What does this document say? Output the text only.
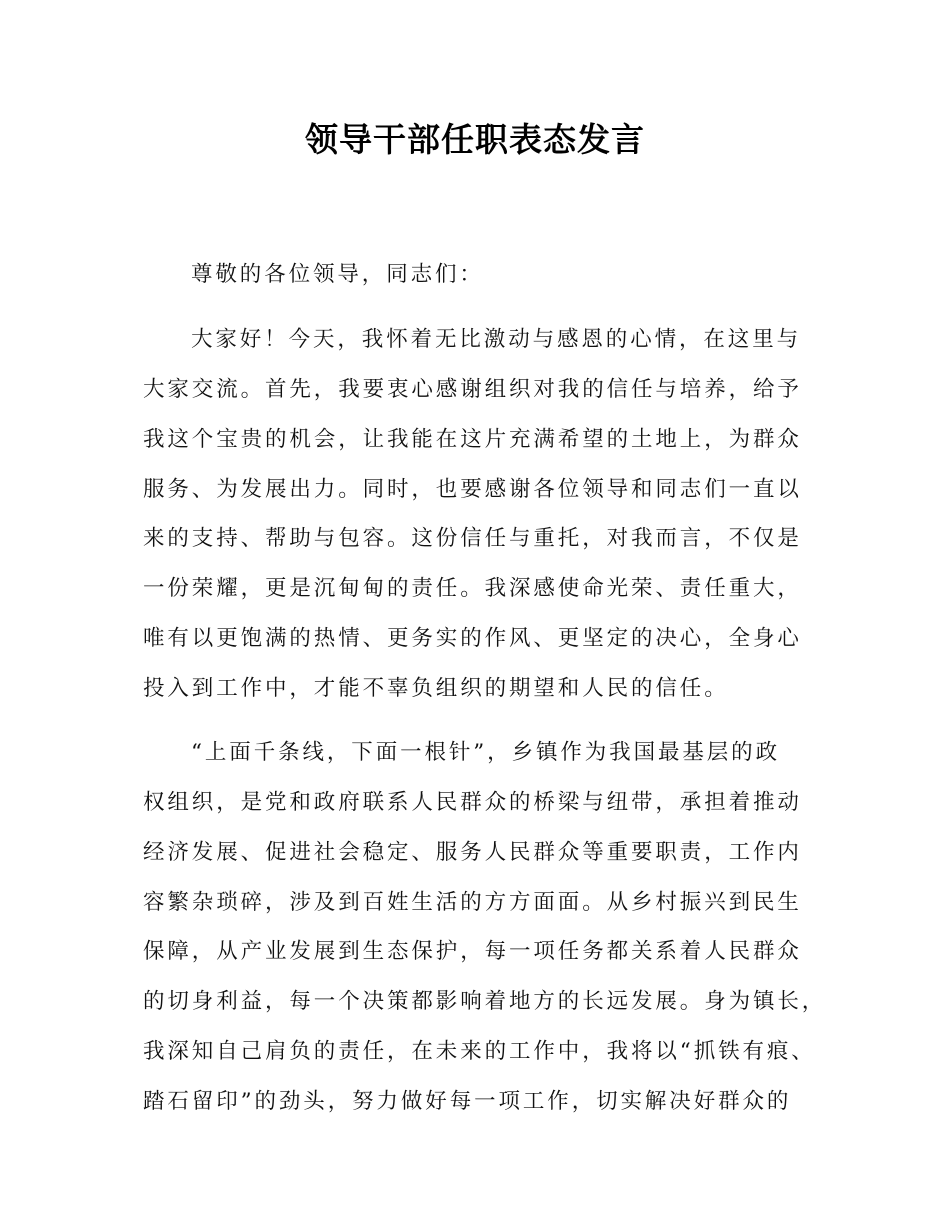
领导干部任职表态发言
尊敬的各位领导，同志们：
大家好！今天，我怀着无比激动与感恩的心情，在这里与
大家交流。首先，我要衷心感谢组织对我的信任与培养，给予
我这个宝贵的机会，让我能在这片充满希望的土地上，为群众
服务、为发展出力。同时，也要感谢各位领导和同志们一直以
来的支持、帮助与包容。这份信任与重托，对我而言，不仅是
一份荣耀，更是沉甸甸的责任。我深感使命光荣、责任重大，
唯有以更饱满的热情、更务实的作风、更坚定的决心，全身心
投入到工作中，才能不辜负组织的期望和人民的信任。
“上面千条线，下面一根针”，乡镇作为我国最基层的政
权组织，是党和政府联系人民群众的桥梁与纽带，承担着推动
经济发展、促进社会稳定、服务人民群众等重要职责，工作内
容繁杂琐碎，涉及到百姓生活的方方面面。从乡村振兴到民生
保障，从产业发展到生态保护，每一项任务都关系着人民群众
的切身利益，每一个决策都影响着地方的长远发展。身为镇长，
我深知自己肩负的责任，在未来的工作中，我将以“抓铁有痕、
踏石留印”的劲头，努力做好每一项工作，切实解决好群众的
